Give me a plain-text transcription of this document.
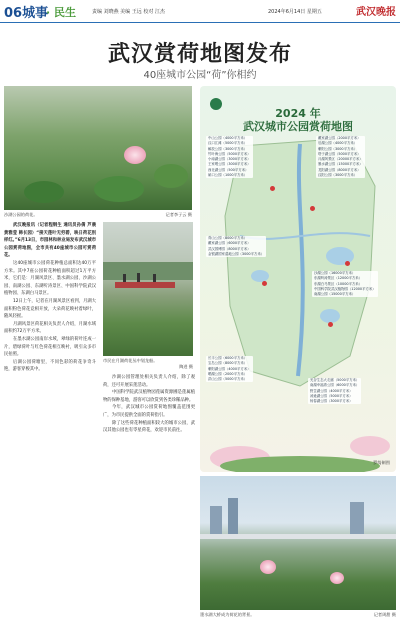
06城事
· 民生	责编 刘晓燕 美编 王远 校对 江杰	2024年6月14日 星期五	武汉晚报
武汉赏荷地图发布
40座城市公园“荷”你相约
沙湖公园的荷花。	记者李子云 摄

武汉晚报讯（记者程钢生 通讯员孙倩 芦晨 黄雅莹 韩长园）“接天莲叶无穷碧，映日荷花别样红。”6月13日，市园林和林业局发布武汉城市公园赏荷地图，全市共有40座城市公园可赏荷花。

这40座城市公园荷花种植总面积达40万平方米。其中7座公园荷花种植面积超过1万平方米，它们是：月湖风景区、墨水湖公园、沙湖公园、南湖公园、东湖听涛景区、中国科学院武汉植物园、东湖白马景区。

12日上午，记者在月湖风景区看到，月湖大面积粉色荷花竞相开放，大朵荷花映衬着绿叶，随风轻摇。

月湖风景区荷花相关负责人介绍，月湖水域面积约72万平方米。

在墨水湖公园南岸水域，翠绿的荷叶连成一片，碧绿荷叶与红色荷花相互映衬，吸引众多市民拍照。

后湖公园荷塘里，不同色彩的荷花争奇斗艳，游客穿梭其中。

市民在月湖荷花丛中划龙船。

陶进 摄

沙湖公园管理处相关负责人介绍，除了观荷，还可开展采莲活动。

中国科学院武汉植物园莲属资源圃是莲属植物的保种基地，游客可以欣赏到各类珍稀品种。

今年，武汉城市公园赏荷地图覆盖范围更广，为市民提供全面的赏荷指引。

除了这些荷花种植面积较大的城市公园，武汉其他公园也有零星荷花，欢迎市民前往。

2024 年
武汉城市公园赏荷地图
中山公园（4000平方米）
汉口江滩（5000平方米）
解放公园（3000平方米）
竹叶海公园（5000平方米）
小南湖公园（3000平方米）
王家墩公园（3000平方米）
西北湖公园（500平方米）
硚口公园（1000平方米）
戴家湖公园（2000平方米）
后湖公园（4000平方米）
紫阳公园（3000平方米）
塔子湖公园（5000平方米）
月湖风景区（20000平方米）
墨水湖公园（15000平方米）
龙阳湖公园（8000平方米）
汉阳公园（3000平方米）
青山公园（8000平方米）
戴家湖公园（6000平方米）
武汉园博园（8000平方米）
金银湖国家湿地公园（3000平方米）
沙湖公园（16000平方米）
东湖听涛景区（12000平方米）
东湖白马景区（10000平方米）
中国科学院武汉植物园（12000平方米）
南湖公园（15000平方米）
长丰公园（6000平方米）
宝岛公园（8000平方米）
紫阳湖公园（4000平方米）
晒湖公园（2000平方米）
洪山公园（5000平方米）	光谷生态大走廊（5000平方米）
南湖幸福湾公园（6000平方米）
野芷湖公园（4000平方米）
汤逊湖公园（5000平方米）
杨春湖公园（3000平方米）
罗绮制图
墨水湖大桥成为荷花的背景。	记者周甜 摄
